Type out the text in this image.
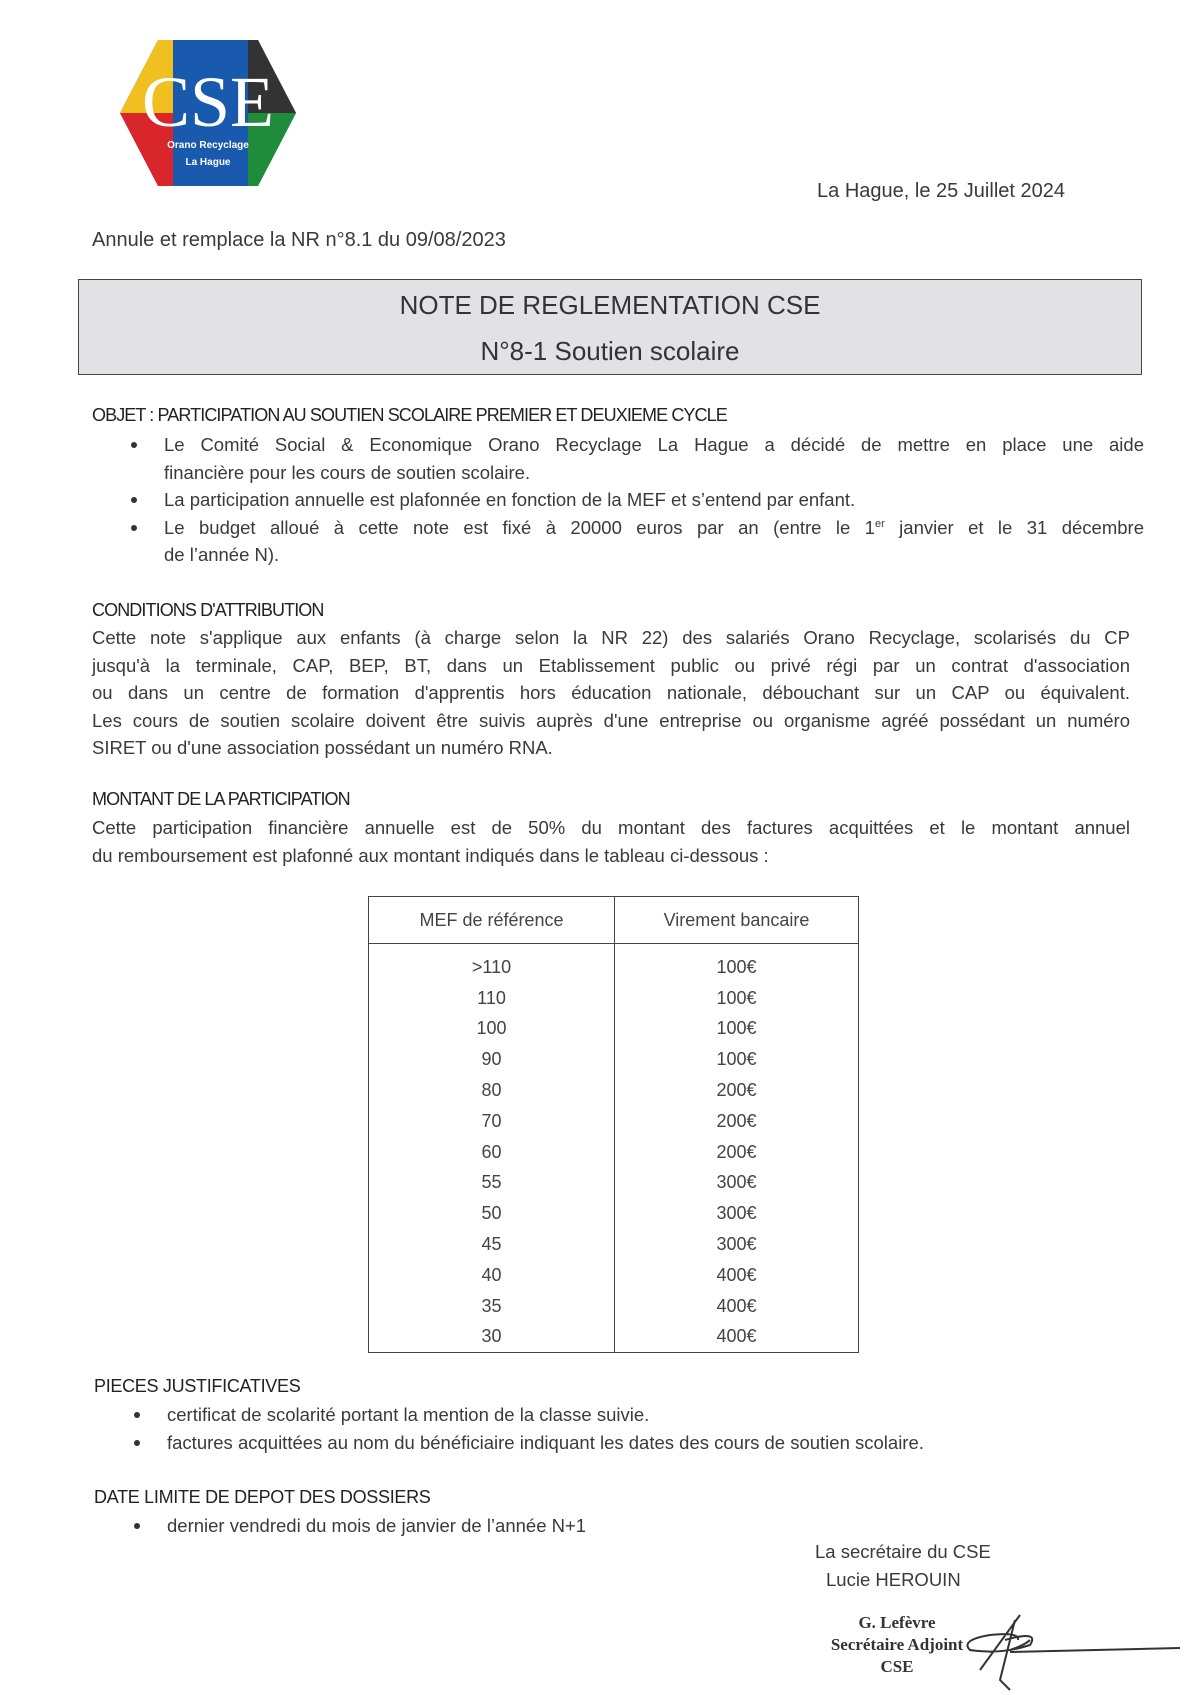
CSE
Orano Recyclage
La Hague
La Hague, le 25 Juillet 2024
Annule et remplace la NR n°8.1 du 09/08/2023
NOTE DE REGLEMENTATION CSE
N°8-1 Soutien scolaire
OBJET : PARTICIPATION AU SOUTIEN SCOLAIRE PREMIER ET DEUXIEME CYCLE
Le Comité Social & Economique Orano Recyclage La Hague a décidé de mettre en place une aide
financière pour les cours de soutien scolaire.
La participation annuelle est plafonnée en fonction de la MEF et s’entend par enfant.
Le budget alloué à cette note est fixé à 20000 euros par an (entre le 1er janvier et le 31 décembre
de l’année N).
CONDITIONS D'ATTRIBUTION
Cette note s'applique aux enfants (à charge selon la NR 22) des salariés Orano Recyclage, scolarisés du CP
jusqu'à la terminale, CAP, BEP, BT, dans un Etablissement public ou privé régi par un contrat d'association
ou dans un centre de formation d'apprentis hors éducation nationale, débouchant sur un CAP ou équivalent.
Les cours de soutien scolaire doivent être suivis auprès d'une entreprise ou organisme agréé possédant un numéro
SIRET ou d'une association possédant un numéro RNA.
MONTANT DE LA PARTICIPATION
Cette participation financière annuelle est de 50% du montant des factures acquittées et le montant annuel
du remboursement est plafonné aux montant indiqués dans le tableau ci-dessous :
MEF de référence	Virement bancaire
>110	100€
110	100€
100	100€
90	100€
80	200€
70	200€
60	200€
55	300€
50	300€
45	300€
40	400€
35	400€
30	400€
PIECES JUSTIFICATIVES
certificat de scolarité portant la mention de la classe suivie.
factures acquittées au nom du bénéficiaire indiquant les dates des cours de soutien scolaire.
DATE LIMITE DE DEPOT DES DOSSIERS
dernier vendredi du mois de janvier de l’année N+1
La secrétaire du CSE
Lucie HEROUIN
G. Lefèvre
Secrétaire Adjoint
CSE
